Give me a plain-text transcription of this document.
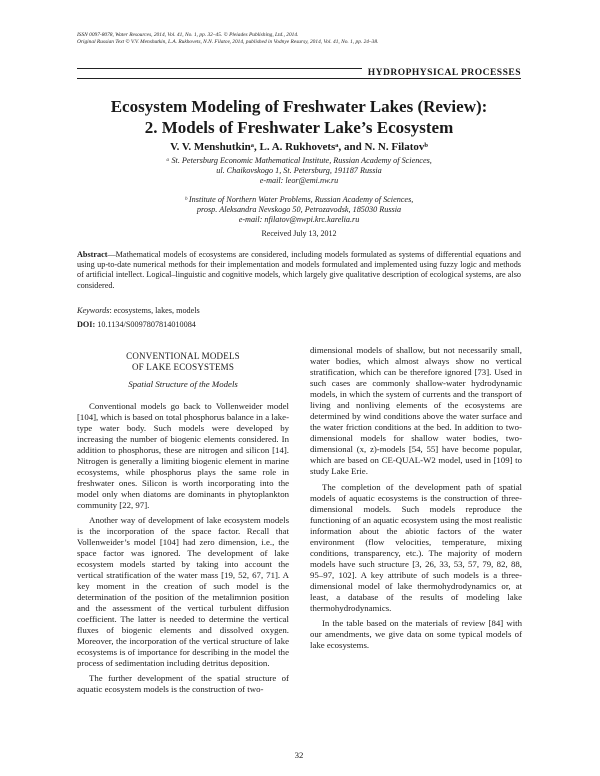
ISSN 0097-8078, Water Resources, 2014, Vol. 41, No. 1, pp. 32–45. © Pleiades Publishing, Ltd., 2014.
Original Russian Text © V.V. Menshutkin, L.A. Rukhovets, N.N. Filatov, 2014, published in Vodnye Resursy, 2014, Vol. 41, No. 1, pp. 24–38.
HYDROPHYSICAL PROCESSES
Ecosystem Modeling of Freshwater Lakes (Review):
2. Models of Freshwater Lake’s Ecosystem
V. V. Menshutkinᵃ, L. A. Rukhovetsᵃ, and N. N. Filatovᵇ
ᵃ St. Petersburg Economic Mathematical Institute, Russian Academy of Sciences,
ul. Chaikovskogo 1, St. Petersburg, 191187 Russia
e-mail: leor@emi.nw.ru
ᵇ Institute of Northern Water Problems, Russian Academy of Sciences,
prosp. Aleksandra Nevskogo 50, Petrozavodsk, 185030 Russia
e-mail: nfilatov@nwpi.krc.karelia.ru
Received July 13, 2012
Abstract—Mathematical models of ecosystems are considered, including models formulated as systems of differential equations and using up-to-date numerical methods for their implementation and models formulated and implemented using fuzzy logic and methods of artificial intellect. Logical–linguistic and cognitive models, which largely give qualitative description of ecological systems, are also considered.
Keywords: ecosystems, lakes, models
DOI: 10.1134/S0097807814010084
CONVENTIONAL MODELS
OF LAKE ECOSYSTEMS
Spatial Structure of the Models

Conventional models go back to Vollenweider model [104], which is based on total phosphorus balance in a lake-type water body. Such models were developed by increasing the number of biogenic elements considered. In addition to phosphorus, these are nitrogen and silicon [14]. Nitrogen is generally a limiting biogenic element in marine ecosystems, while phosphorus plays the same role in freshwater ones. Silicon is worth incorporating into the model only when diatoms are dominants in phytoplankton community [22, 97].

Another way of development of lake ecosystem models is the incorporation of the space factor. Recall that Vollenweider’s model [104] had zero dimension, i.e., the space factor was ignored. The development of lake ecosystem models started by taking into account the vertical stratification of the water mass [19, 52, 67, 71]. A key moment in the creation of such model is the determination of the position of the metalimnion position and the assessment of the vertical turbulent diffusion coefficient. The latter is needed to determine the vertical fluxes of biogenic elements and dissolved oxygen. Moreover, the incorporation of the vertical structure of lake ecosystems is of importance for describing in the model the process of sedimentation including detritus deposition.

The further development of the spatial structure of aquatic ecosystem models is the construction of two-

dimensional models of shallow, but not necessarily small, water bodies, which almost always show no vertical stratification, which can be therefore ignored [73]. Used in such cases are commonly shallow-water hydrodynamic models, in which the system of currents and the transport of living and nonliving elements of the ecosystems are determined by wind conditions above the water surface and the water friction conditions at the bed. In addition to two-dimensional models for shallow water bodies, two-dimensional (x, z)-models [54, 55] have become popular, which are based on CE-QUAL-W2 model, used in [109] to study Lake Erie.

The completion of the development path of spatial models of aquatic ecosystems is the construction of three-dimensional models. Such models reproduce the functioning of an aquatic ecosystem using the most realistic information about the abiotic factors of the water environment (flow velocities, temperature, mixing conditions, transparency, etc.). The majority of modern models have such structure [3, 26, 33, 53, 57, 79, 82, 88, 95–97, 102]. A key attribute of such models is a three-dimensional model of lake thermohydrodynamics or, at least, a database of the results of modeling lake thermohydrodynamics.

In the table based on the materials of review [84] with our amendments, we give data on some typical models of lake ecosystems.

32
